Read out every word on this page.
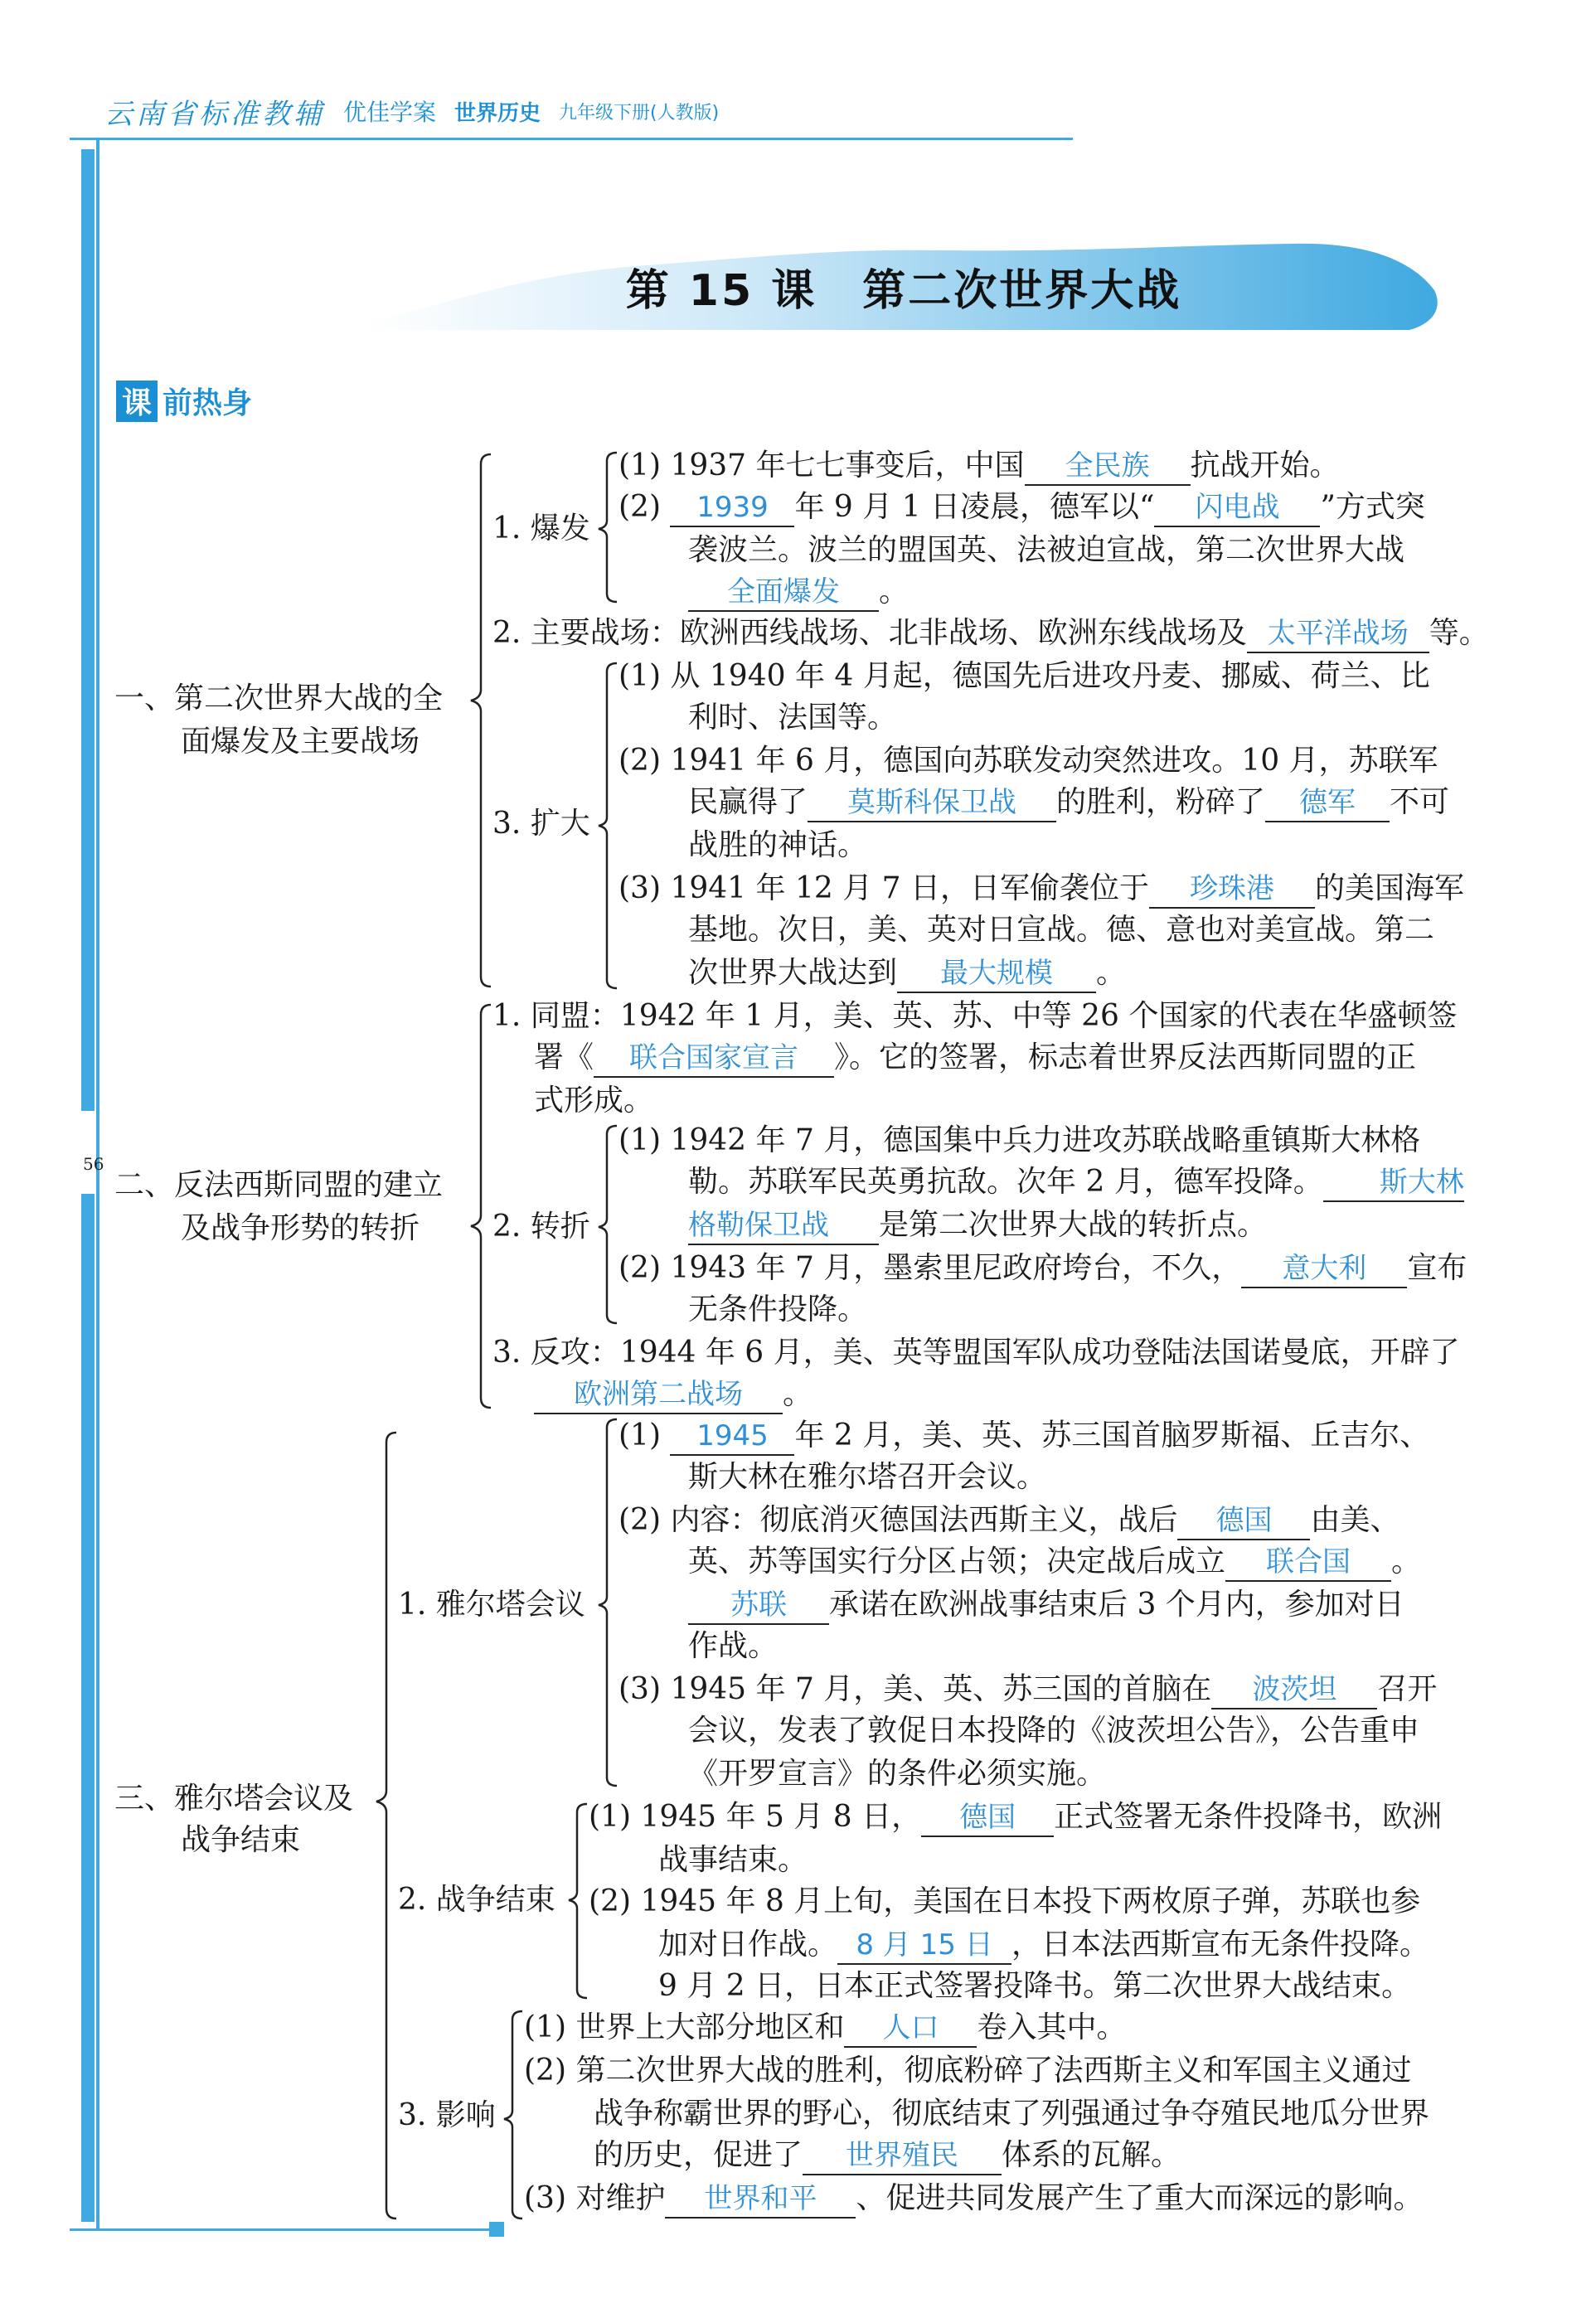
云南省标准教辅 优佳学案 世界历史 九年级下册(人教版)
56
第 15 课　第二次世界大战
课 前热身
一、第二次世界大战的全
面爆发及主要战场
1. 爆发
(1) 1937 年七七事变后，中国 全民族 抗战开始。
(2) 1939 年 9 月 1 日凌晨，德军以“ 闪电战 ”方式突
袭波兰。波兰的盟国英、法被迫宣战，第二次世界大战
全面爆发 。
2. 主要战场：欧洲西线战场、北非战场、欧洲东线战场及 太平洋战场 等。
3. 扩大
(1) 从 1940 年 4 月起，德国先后进攻丹麦、挪威、荷兰、比
利时、法国等。
(2) 1941 年 6 月，德国向苏联发动突然进攻。10 月，苏联军
民赢得了 莫斯科保卫战 的胜利，粉碎了 德军 不可
战胜的神话。
(3) 1941 年 12 月 7 日，日军偷袭位于 珍珠港 的美国海军
基地。次日，美、英对日宣战。德、意也对美宣战。第二
次世界大战达到 最大规模 。
二、反法西斯同盟的建立
及战争形势的转折
1. 同盟：1942 年 1 月，美、英、苏、中等 26 个国家的代表在华盛顿签
署《 联合国家宣言 》。它的签署，标志着世界反法西斯同盟的正
式形成。
2. 转折
(1) 1942 年 7 月，德国集中兵力进攻苏联战略重镇斯大林格
勒。苏联军民英勇抗敌。次年 2 月，德军投降。 斯大林
格勒保卫战 是第二次世界大战的转折点。
(2) 1943 年 7 月，墨索里尼政府垮台，不久， 意大利 宣布
无条件投降。
3. 反攻：1944 年 6 月，美、英等盟国军队成功登陆法国诺曼底，开辟了
欧洲第二战场 。
三、雅尔塔会议及
战争结束
1. 雅尔塔会议
(1) 1945 年 2 月，美、英、苏三国首脑罗斯福、丘吉尔、
斯大林在雅尔塔召开会议。
(2) 内容：彻底消灭德国法西斯主义，战后 德国 由美、
英、苏等国实行分区占领；决定战后成立 联合国 。
苏联 承诺在欧洲战事结束后 3 个月内，参加对日
作战。
(3) 1945 年 7 月，美、英、苏三国的首脑在 波茨坦 召开
会议，发表了敦促日本投降的《波茨坦公告》，公告重申
《开罗宣言》的条件必须实施。
2. 战争结束
(1) 1945 年 5 月 8 日， 德国 正式签署无条件投降书，欧洲
战事结束。
(2) 1945 年 8 月上旬，美国在日本投下两枚原子弹，苏联也参
加对日作战。 8 月 15 日 ，日本法西斯宣布无条件投降。
9 月 2 日，日本正式签署投降书。第二次世界大战结束。
3. 影响
(1) 世界上大部分地区和 人口 卷入其中。
(2) 第二次世界大战的胜利，彻底粉碎了法西斯主义和军国主义通过
战争称霸世界的野心，彻底结束了列强通过争夺殖民地瓜分世界
的历史，促进了 世界殖民 体系的瓦解。
(3) 对维护 世界和平 、促进共同发展产生了重大而深远的影响。
